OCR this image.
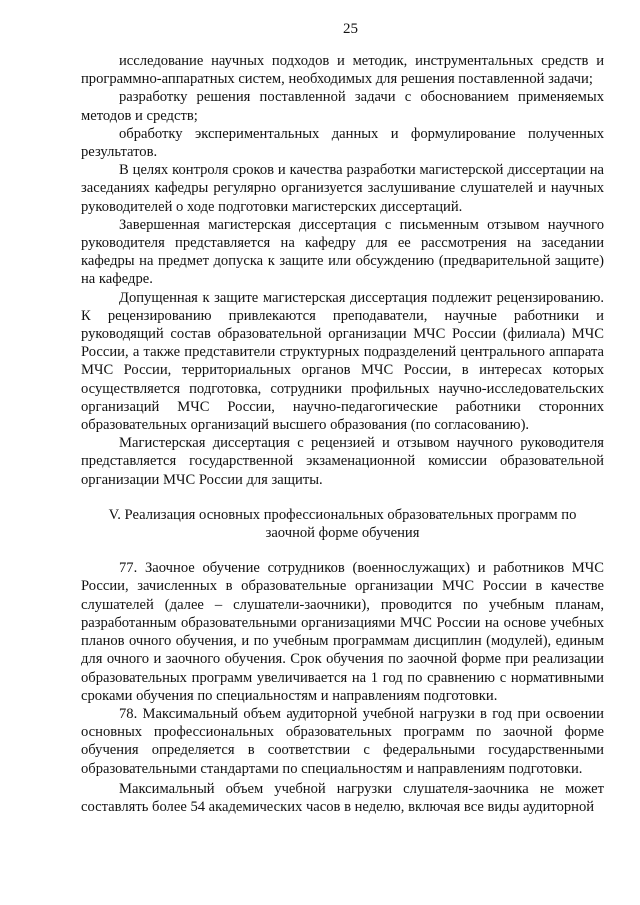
25

исследование научных подходов и методик, инструментальных средств и программно-аппаратных систем, необходимых для решения поставленной задачи;

разработку решения поставленной задачи с обоснованием применяемых методов и средств;

обработку экспериментальных данных и формулирование полученных результатов.

В целях контроля сроков и качества разработки магистерской диссертации на заседаниях кафедры регулярно организуется заслушивание слушателей и научных руководителей о ходе подготовки магистерских диссертаций.

Завершенная магистерская диссертация с письменным отзывом научного руководителя представляется на кафедру для ее рассмотрения на заседании кафедры на предмет допуска к защите или обсуждению (предварительной защите) на кафедре.

Допущенная к защите магистерская диссертация подлежит рецензированию. К рецензированию привлекаются преподаватели, научные работники и руководящий состав образовательной организации МЧС России (филиала) МЧС России, а также представители структурных подразделений центрального аппарата МЧС России, территориальных органов МЧС России, в интересах которых осуществляется подготовка, сотрудники профильных научно-исследовательских организаций МЧС России, научно-педагогические работники сторонних образовательных организаций высшего образования (по согласованию).

Магистерская диссертация с рецензией и отзывом научного руководителя представляется государственной экзаменационной комиссии образовательной организации МЧС России для защиты.

V. Реализация основных профессиональных образовательных программ по заочной форме обучения

77. Заочное обучение сотрудников (военнослужащих) и работников МЧС России, зачисленных в образовательные организации МЧС России в качестве слушателей (далее – слушатели-заочники), проводится по учебным планам, разработанным образовательными организациями МЧС России на основе учебных планов очного обучения, и по учебным программам дисциплин (модулей), единым для очного и заочного обучения. Срок обучения по заочной форме при реализации образовательных программ увеличивается на 1 год по сравнению с нормативными сроками обучения по специальностям и направлениям подготовки.

78. Максимальный объем аудиторной учебной нагрузки в год при освоении основных профессиональных образовательных программ по заочной форме обучения определяется в соответствии с федеральными государственными образовательными стандартами по специальностям и направлениям подготовки.

Максимальный объем учебной нагрузки слушателя-заочника не может составлять более 54 академических часов в неделю, включая все виды аудиторной
